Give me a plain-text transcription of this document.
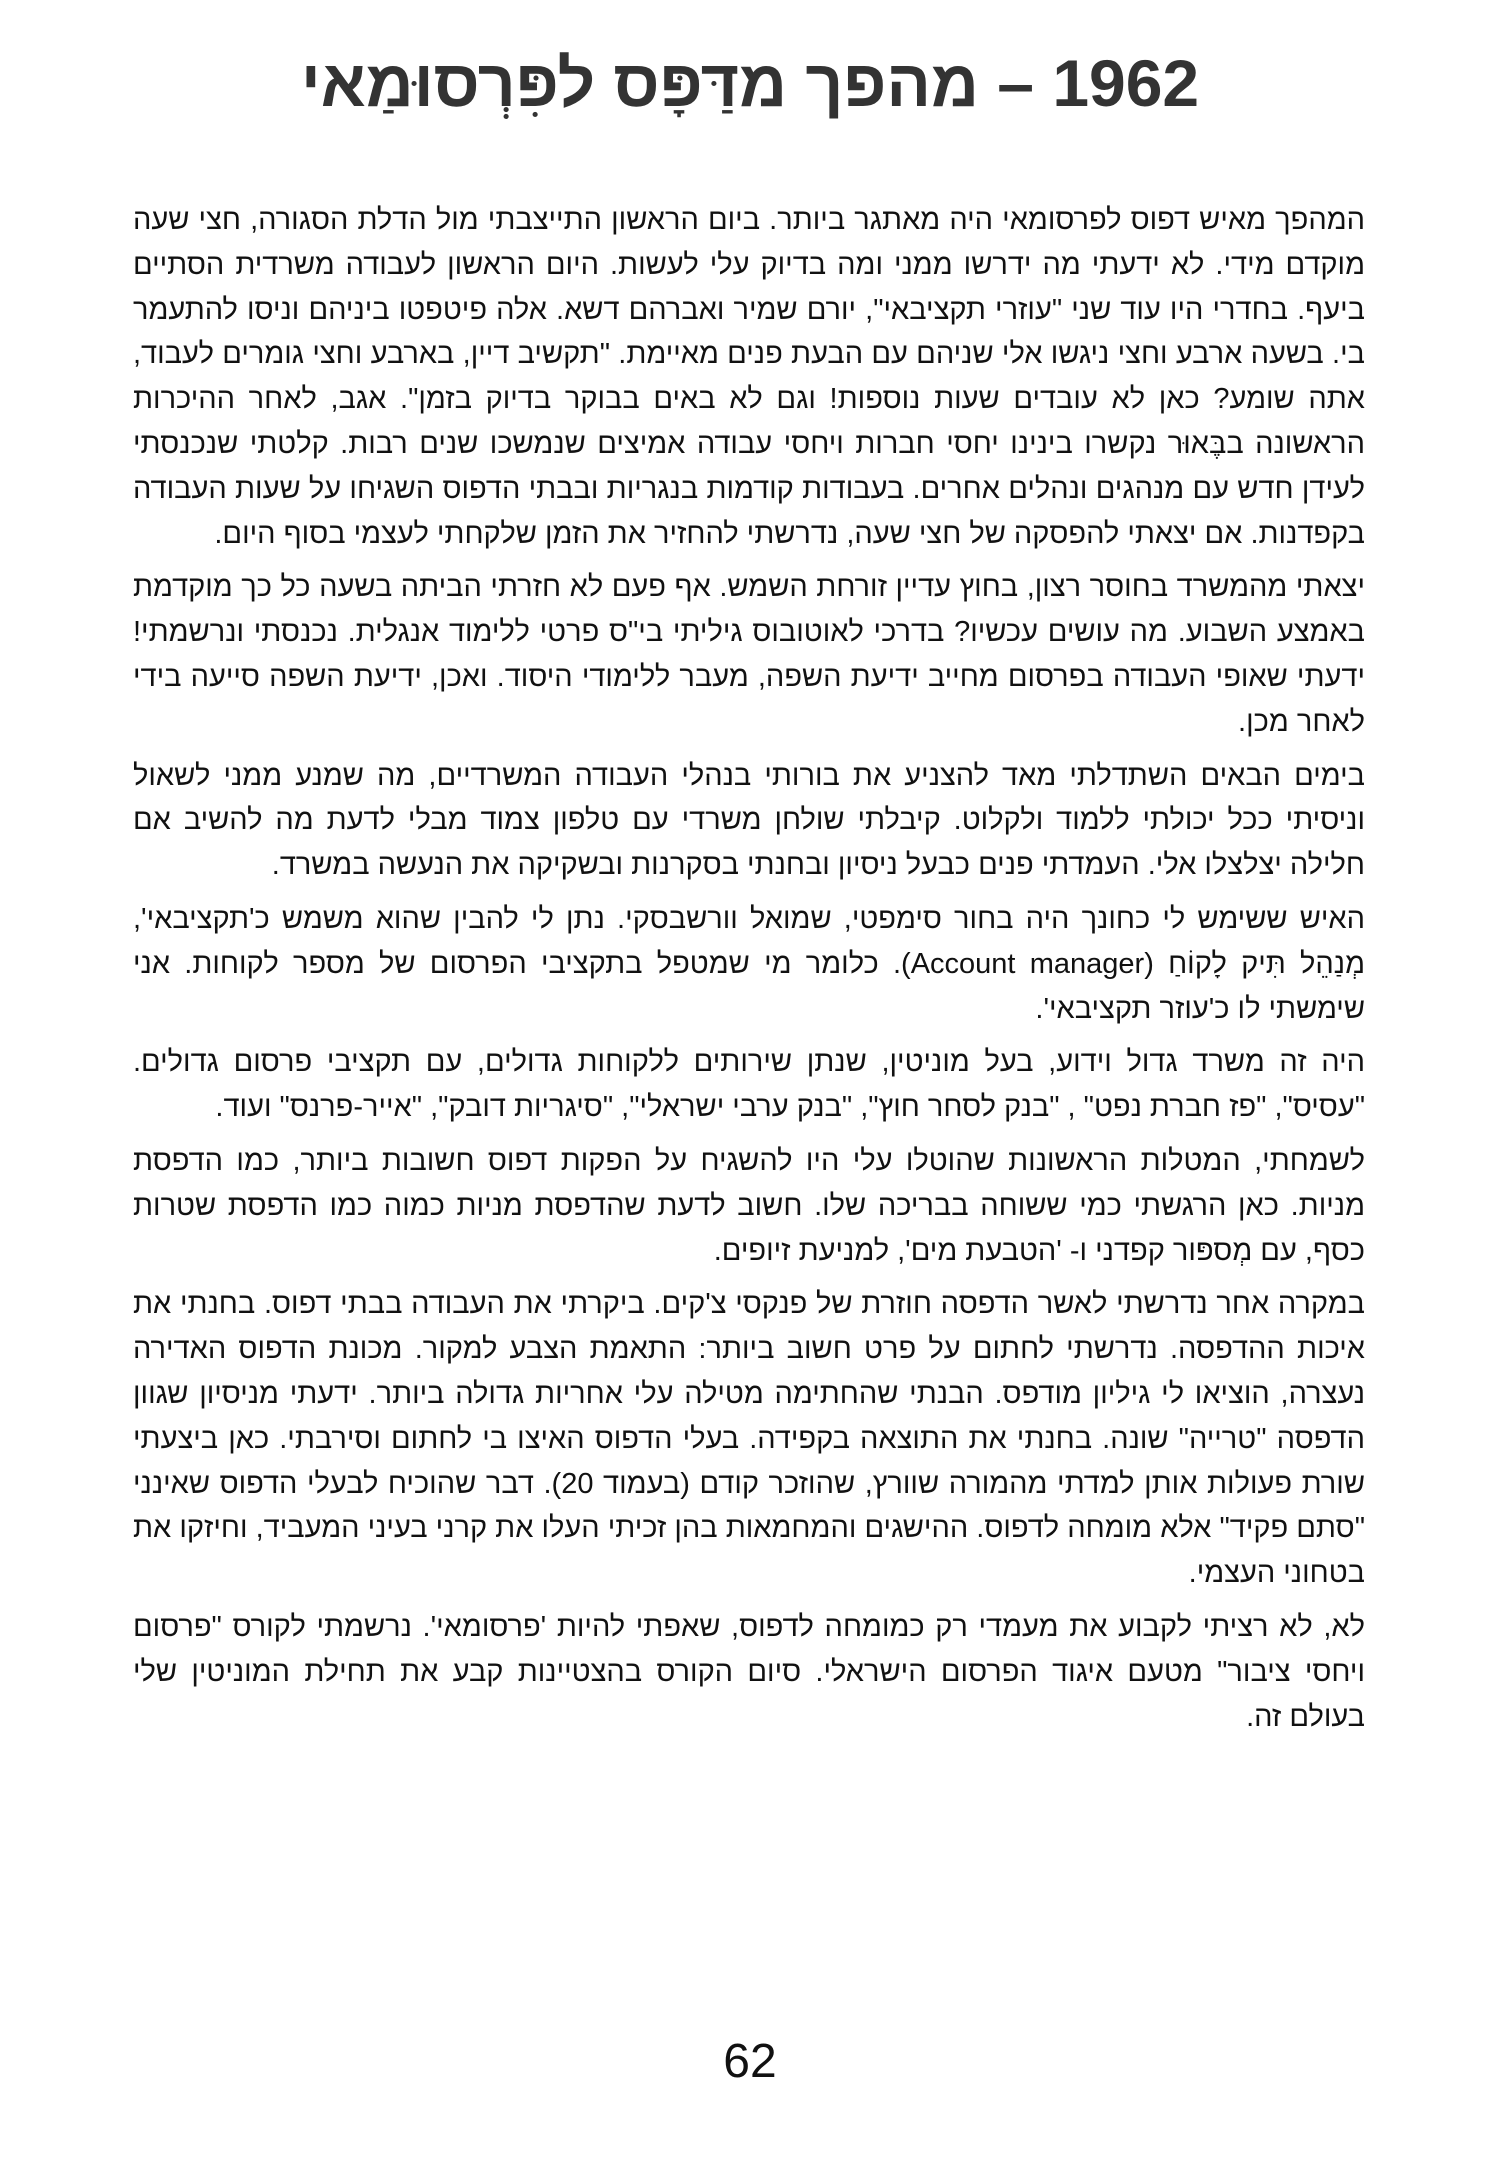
1962 – מהפך מדַּפָּס לפִּרְסוּמַאי

המהפך מאיש דפוס לפרסומאי היה מאתגר ביותר. ביום הראשון התייצבתי מול הדלת הסגורה, חצי שעה מוקדם מידי. לא ידעתי מה ידרשו ממני ומה בדיוק עלי לעשות. היום הראשון לעבודה משרדית הסתיים ביעף. בחדרי היו עוד שני "עוזרי תקציבאי", יורם שמיר ואברהם דשא. אלה פיטפטו ביניהם וניסו להתעמר בי. בשעה ארבע וחצי ניגשו אלי שניהם עם הבעת פנים מאיימת. "תקשיב דיין, בארבע וחצי גומרים לעבוד, אתה שומע? כאן לא עובדים שעות נוספות! וגם לא באים בבוקר בדיוק בזמן". אגב, לאחר ההיכרות הראשונה בבֶּאוּר נקשרו בינינו יחסי חברות ויחסי עבודה אמיצים שנמשכו שנים רבות. קלטתי שנכנסתי לעידן חדש עם מנהגים ונהלים אחרים. בעבודות קודמות בנגריות ובבתי הדפוס השגיחו על שעות העבודה בקפדנות. אם יצאתי להפסקה של חצי שעה, נדרשתי להחזיר את הזמן שלקחתי לעצמי בסוף היום.

יצאתי מהמשרד בחוסר רצון, בחוץ עדיין זורחת השמש. אף פעם לא חזרתי הביתה בשעה כל כך מוקדמת באמצע השבוע. מה עושים עכשיו? בדרכי לאוטובוס גיליתי בי"ס פרטי ללימוד אנגלית. נכנסתי ונרשמתי! ידעתי שאופי העבודה בפרסום מחייב ידיעת השפה, מעבר ללימודי היסוד. ואכן, ידיעת השפה סייעה בידי לאחר מכן.

בימים הבאים השתדלתי מאד להצניע את בורותי בנהלי העבודה המשרדיים, מה שמנע ממני לשאול וניסיתי ככל יכולתי ללמוד ולקלוט. קיבלתי שולחן משרדי עם טלפון צמוד מבלי לדעת מה להשיב אם חלילה יצלצלו אלי. העמדתי פנים כבעל ניסיון ובחנתי בסקרנות ובשקיקה את הנעשה במשרד.

האיש ששימש לי כחונך היה בחור סימפטי, שמואל וורשבסקי. נתן לי להבין שהוא משמש כ'תקציבאי', מְנַהֵל תִּיק לָקוֹחַ (Account manager). כלומר מי שמטפל בתקציבי הפרסום של מספר לקוחות. אני שימשתי לו כ'עוזר תקציבאי'.

היה זה משרד גדול וידוע, בעל מוניטין, שנתן שירותים ללקוחות גדולים, עם תקציבי פרסום גדולים. "עסיס", "פז חברת נפט" , "בנק לסחר חוץ", "בנק ערבי ישראלי", "סיגריות דובק", "אייר-פרנס" ועוד.

לשמחתי, המטלות הראשונות שהוטלו עלי היו להשגיח על הפקות דפוס חשובות ביותר, כמו הדפסת מניות. כאן הרגשתי כמי ששוחה בבריכה שלו. חשוב לדעת שהדפסת מניות כמוה כמו הדפסת שטרות כסף, עם מְספּור קפדני ו- 'הטבעת מים', למניעת זיופים.

במקרה אחר נדרשתי לאשר הדפסה חוזרת של פנקסי צ'קים. ביקרתי את העבודה בבתי דפוס. בחנתי את איכות ההדפסה. נדרשתי לחתום על פרט חשוב ביותר: התאמת הצבע למקור. מכונת הדפוס האדירה נעצרה, הוציאו לי גיליון מודפס. הבנתי שהחתימה מטילה עלי אחריות גדולה ביותר. ידעתי מניסיון שגוון הדפסה "טרייה" שונה. בחנתי את התוצאה בקפידה. בעלי הדפוס האיצו בי לחתום וסירבתי. כאן ביצעתי שורת פעולות אותן למדתי מהמורה שוורץ, שהוזכר קודם (בעמוד 20). דבר שהוכיח לבעלי הדפוס שאינני "סתם פקיד" אלא מומחה לדפוס. ההישגים והמחמאות בהן זכיתי העלו את קרני בעיני המעביד, וחיזקו את בטחוני העצמי.

לא, לא רציתי לקבוע את מעמדי רק כמומחה לדפוס, שאפתי להיות 'פרסומאי'. נרשמתי לקורס "פרסום ויחסי ציבור" מטעם איגוד הפרסום הישראלי. סיום הקורס בהצטיינות קבע את תחילת המוניטין שלי בעולם זה.

62
